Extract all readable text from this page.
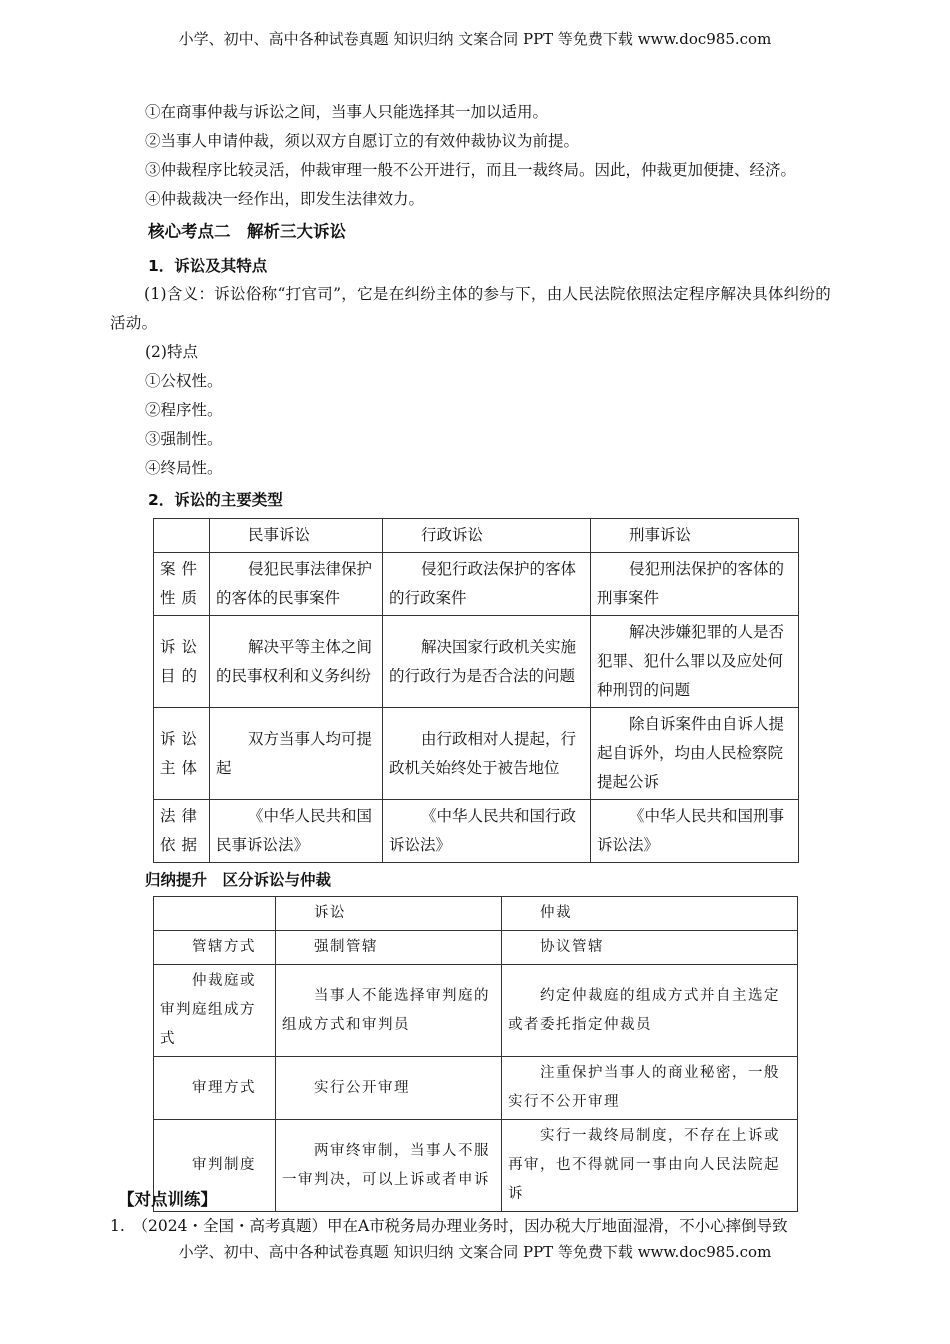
小学、初中、高中各种试卷真题 知识归纳 文案合同 PPT 等免费下载 www.doc985.com
①在商事仲裁与诉讼之间，当事人只能选择其一加以适用。
②当事人申请仲裁，须以双方自愿订立的有效仲裁协议为前提。
③仲裁程序比较灵活，仲裁审理一般不公开进行，而且一裁终局。因此，仲裁更加便捷、经济。
④仲裁裁决一经作出，即发生法律效力。
核心考点二　解析三大诉讼
1．诉讼及其特点
(1)含义：诉讼俗称“打官司”，它是在纠纷主体的参与下，由人民法院依照法定程序解决具体纠纷的活动。
(2)特点
①公权性。
②程序性。
③强制性。
④终局性。
2．诉讼的主要类型
	民事诉讼	行政诉讼	刑事诉讼
案件性质	侵犯民事法律保护的客体的民事案件	侵犯行政法保护的客体的行政案件	侵犯刑法保护的客体的刑事案件
诉讼目的	解决平等主体之间的民事权利和义务纠纷	解决国家行政机关实施的行政行为是否合法的问题	解决涉嫌犯罪的人是否犯罪、犯什么罪以及应处何种刑罚的问题
诉讼主体	双方当事人均可提起	由行政相对人提起，行政机关始终处于被告地位	除自诉案件由自诉人提起自诉外，均由人民检察院提起公诉
法律依据	《中华人民共和国民事诉讼法》	《中华人民共和国行政诉讼法》	《中华人民共和国刑事诉讼法》
归纳提升　区分诉讼与仲裁
	诉讼	仲裁
管辖方式	强制管辖	协议管辖
仲裁庭或审判庭组成方式	当事人不能选择审判庭的组成方式和审判员	约定仲裁庭的组成方式并自主选定或者委托指定仲裁员
审理方式	实行公开审理	注重保护当事人的商业秘密，一般实行不公开审理
审判制度	两审终审制，当事人不服一审判决，可以上诉或者申诉	实行一裁终局制度，不存在上诉或再审，也不得就同一事由向人民法院起诉
【对点训练】
1.　（2024・全国・高考真题）甲在A市税务局办理业务时，因办税大厅地面湿滑，不小心摔倒导致
小学、初中、高中各种试卷真题 知识归纳 文案合同 PPT 等免费下载 www.doc985.com
